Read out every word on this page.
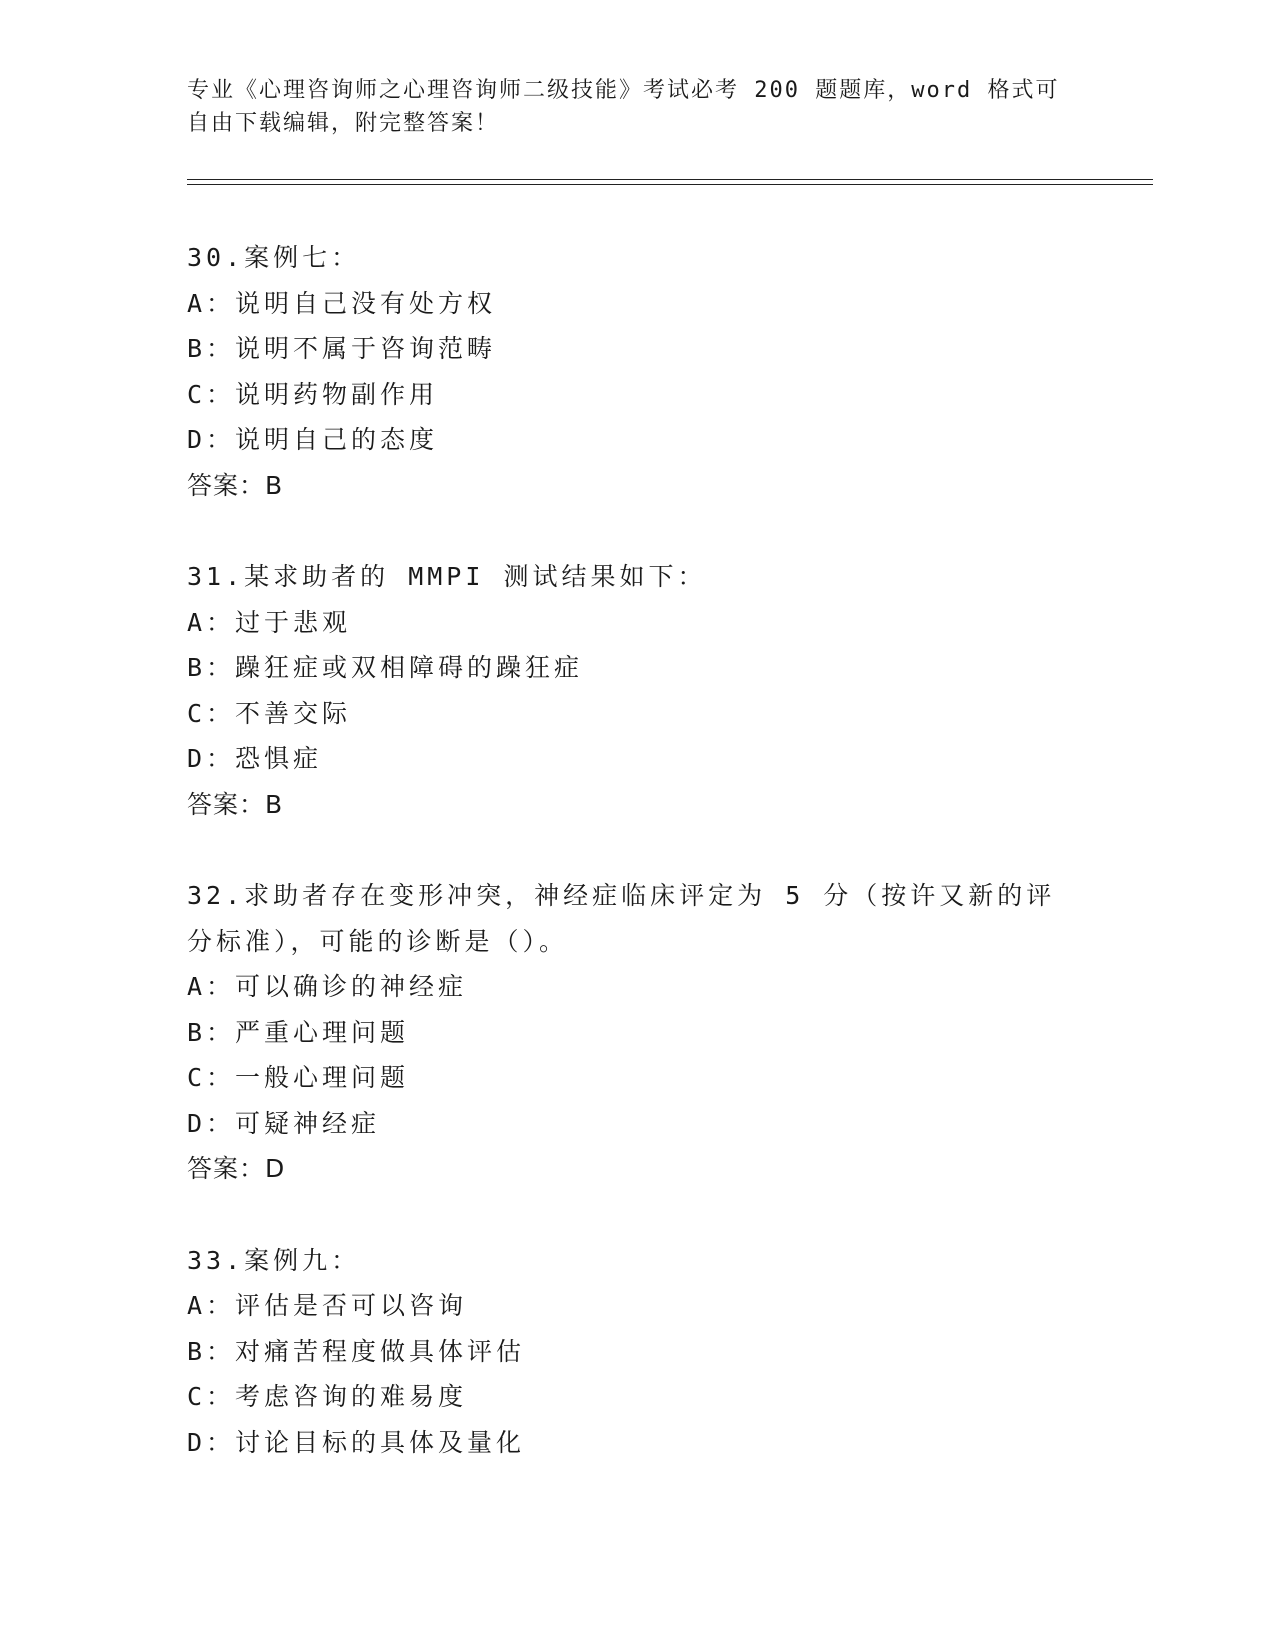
专业《心理咨询师之心理咨询师二级技能》考试必考 200 题题库，word 格式可自由下载编辑，附完整答案！
30.案例七：
A：说明自己没有处方权
B：说明不属于咨询范畴
C：说明药物副作用
D：说明自己的态度
答案：B
31.某求助者的 MMPI 测试结果如下：
A：过于悲观
B：躁狂症或双相障碍的躁狂症
C：不善交际
D：恐惧症
答案：B
32.求助者存在变形冲突，神经症临床评定为 5 分（按许又新的评分标准），可能的诊断是（）。
A：可以确诊的神经症
B：严重心理问题
C：一般心理问题
D：可疑神经症
答案：D
33.案例九：
A：评估是否可以咨询
B：对痛苦程度做具体评估
C：考虑咨询的难易度
D：讨论目标的具体及量化
